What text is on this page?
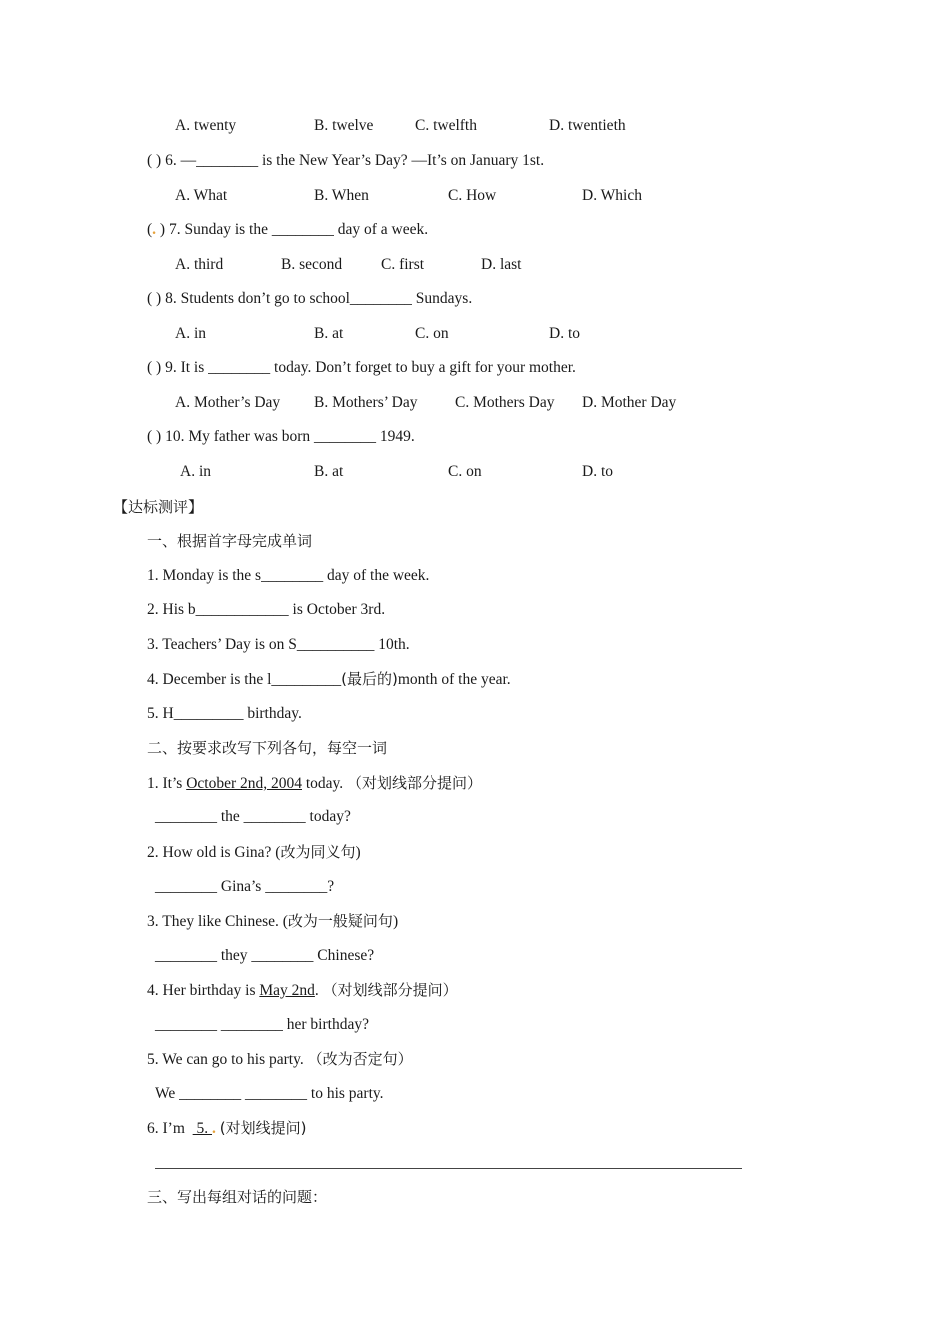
A. twenty	B. twelve	C. twelfth	D. twentieth
( ) 6. —________ is the New Year’s Day? —It’s on January 1st.
A. What	B. When	C. How	D. Which
(. ) 7. Sunday is the ________ day of a week.
A. third	B. second	C. first	D. last
( ) 8. Students don’t go to school________ Sundays.
A. in	B. at	C. on	D. to
( ) 9. It is ________ today. Don’t forget to buy a gift for your mother.
A. Mother’s Day B. Mothers’ Day C. Mothers Day D. Mother Day
( ) 10. My father was born ________ 1949.
A. in	B. at	C. on	D. to
【达标测评】
一、根据首字母完成单词
1. Monday is the s________ day of the week.
2. His b____________ is October 3rd.
3. Teachers’ Day is on S__________ 10th.
4. December is the l_________(最后的)month of the year.
5. H_________ birthday.
二、按要求改写下列各句，每空一词
1. It’s October 2nd, 2004 today. （对划线部分提问）
________ the ________ today?
2. How old is Gina? (改为同义句)
________ Gina’s ________?
3. They like Chinese. (改为一般疑问句)
________ they ________ Chinese?
4. Her birthday is May 2nd. （对划线部分提问）
________ ________ her birthday?
5. We can go to his party. （改为否定句）
We ________ ________ to his party.
6. I’m   5. . (对划线提问)
三、写出每组对话的问题：
